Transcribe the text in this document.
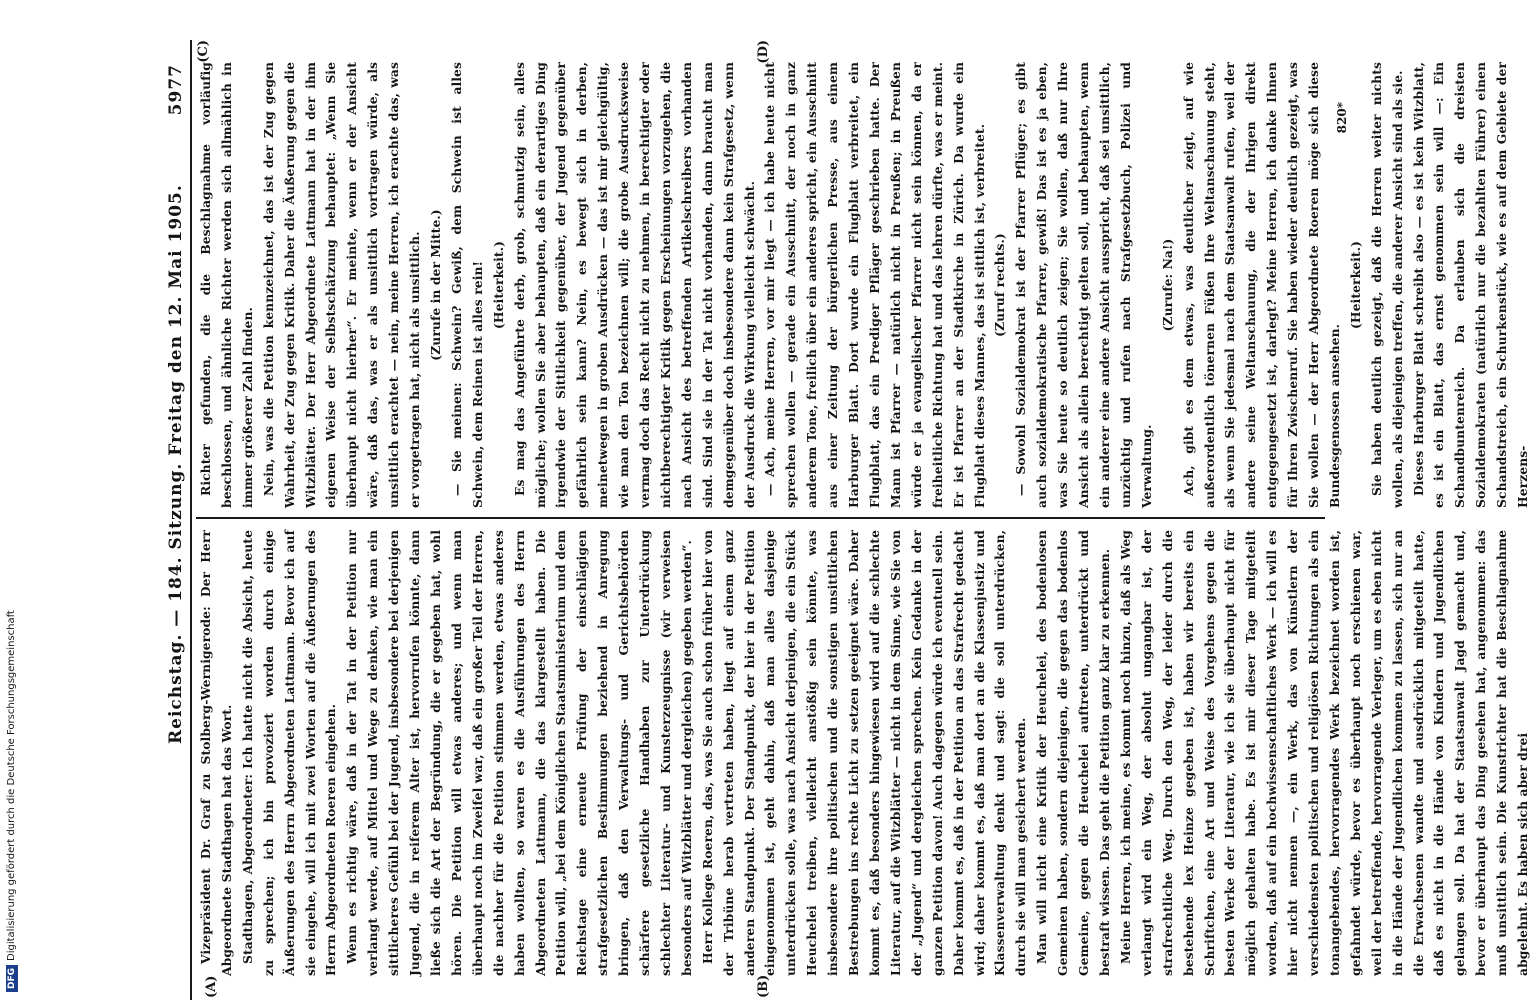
DFGDigitalisierung gefördert durch die Deutsche Forschungsgemeinschaft
Reichstag. — 184. Sitzung. Freitag den 12. Mai 1905.
5977
(A)	(B)
(C)	(D)

Vizepräsident Dr. Graf zu Stolberg-Wernigerode: Der Herr Abgeordnete Stadthagen hat das Wort. Stadthagen, Abgeordneter: Ich hatte nicht die Absicht, heute zu sprechen; ich bin provoziert worden durch einige Äußerungen des Herrn Abgeordneten Lattmann. Bevor ich auf sie eingehe, will ich mit zwei Worten auf die Äußerungen des Herrn Abgeordneten Roeren eingehen. Wenn es richtig wäre, daß in der Tat in der Petition nur verlangt werde, auf Mittel und Wege zu denken, wie man ein sittlicheres Gefühl bei der Jugend, insbesondere bei derjenigen Jugend, die in reiferem Alter ist, hervorrufen könnte, dann ließe sich die Art der Begründung, die er gegeben hat, wohl hören. Die Petition will etwas anderes; und wenn man überhaupt noch im Zweifel war, daß ein großer Teil der Herren, die nachher für die Petition stimmen werden, etwas anderes haben wollten, so waren es die Ausführungen des Herrn Abgeordneten Lattmann, die das klargestellt haben. Die Petition will, „bei dem Königlichen Staatsministerium und dem Reichstage eine erneute Prüfung der einschlägigen strafgesetzlichen Bestimmungen beziehend in Anregung bringen, daß den Verwaltungs- und Gerichtsbehörden schärfere gesetzliche Handhaben zur Unterdrückung schlechter Literatur- und Kunsterzeugnisse (wir verweisen besonders auf Witzblätter und dergleichen) gegeben werden“. Herr Kollege Roeren, das, was Sie auch schon früher hier von der Tribüne herab vertreten haben, liegt auf einem ganz anderen Standpunkt. Der Standpunkt, der hier in der Petition eingenommen ist, geht dahin, daß man alles dasjenige unterdrücken solle, was nach Ansicht derjenigen, die ein Stück Heuchelei treiben, vielleicht anstößig sein könnte, was insbesondere ihre politischen und die sonstigen unsittlichen Bestrebungen ins rechte Licht zu setzen geeignet wäre. Daher kommt es, daß besonders hingewiesen wird auf die schlechte Literatur, auf die Witzblätter — nicht in dem Sinne, wie Sie von der „Jugend“ und dergleichen sprechen. Kein Gedanke in der ganzen Petition davon! Auch dagegen würde ich eventuell sein. Daher kommt es, daß in der Petition an das Strafrecht gedacht wird; daher kommt es, daß man dort an die Klassenjustiz und Klassenverwaltung denkt und sagt: die soll unterdrücken, durch sie will man gesichert werden. Man will nicht eine Kritik der Heuchelei, des bodenlosen Gemeinen haben, sondern diejenigen, die gegen das bodenlos Gemeine, gegen die Heuchelei auftreten, unterdrückt und bestraft wissen. Das geht die Petition ganz klar zu erkennen. Meine Herren, ich meine, es kommt noch hinzu, daß als Weg verlangt wird ein Weg, der absolut ungangbar ist, der strafrechtliche Weg. Durch den Weg, der leider durch die bestehende lex Heinze gegeben ist, haben wir bereits ein Schriftchen, eine Art und Weise des Vorgehens gegen die besten Werke der Literatur, wie ich sie überhaupt nicht für möglich gehalten habe. Es ist mir dieser Tage mitgeteilt worden, daß auf ein hochwissenschaftliches Werk — ich will es hier nicht nennen —, ein Werk, das von Künstlern der verschiedensten politischen und religiösen Richtungen als ein tonangebendes, hervorragendes Werk bezeichnet worden ist, gefahndet würde, bevor es überhaupt noch erschienen war, weil der betreffende, hervorragende Verleger, um es eben nicht in die Hände der Jugendlichen kommen zu lassen, sich nur an die Erwachsenen wandte und ausdrücklich mitgeteilt hatte, daß es nicht in die Hände von Kindern und Jugendlichen gelangen soll. Da hat der Staatsanwalt Jagd gemacht und, bevor er überhaupt das Ding gesehen hat, angenommen: das muß unsittlich sein. Die Kunstrichter hat die Beschlagnahme abgelehnt. Es haben sich aber drei

Richter gefunden, die die Beschlagnahme vorläufig beschlossen, und ähnliche Richter werden sich allmählich in immer größerer Zahl finden. Nein, was die Petition kennzeichnet, das ist der Zug gegen Wahrheit, der Zug gegen Kritik. Daher die Äußerung gegen die Witzblätter. Der Herr Abgeordnete Lattmann hat in der ihm eigenen Weise der Selbstschätzung behauptet: „Wenn Sie überhaupt nicht hierher“. Er meinte, wenn er der Ansicht wäre, daß das, was er als unsittlich vortragen würde, als unsittlich erachtet — nein, meine Herren, ich erachte das, was er vorgetragen hat, nicht als unsittlich. (Zurufe in der Mitte.) — Sie meinen: Schwein? Gewiß, dem Schwein ist alles Schwein, dem Reinen ist alles rein! (Heiterkeit.) Es mag das Angeführte derb, grob, schmutzig sein, alles mögliche; wollen Sie aber behaupten, daß ein derartiges Ding irgendwie der Sittlichkeit gegenüber, der Jugend gegenüber gefährlich sein kann? Nein, es bewegt sich in derben, meinetwegen in groben Ausdrücken — das ist mir gleichgültig, wie man den Ton bezeichnen will; die grobe Ausdrucksweise vermag doch das Recht nicht zu nehmen, in berechtigter oder nichtberechtigter Kritik gegen Erscheinungen vorzugehen, die nach Ansicht des betreffenden Artikelschreibers vorhanden sind. Sind sie in der Tat nicht vorhanden, dann braucht man demgegenüber doch insbesondere dann kein Strafgesetz, wenn der Ausdruck die Wirkung vielleicht schwächt. — Ach, meine Herren, vor mir liegt — ich habe heute nicht sprechen wollen — gerade ein Ausschnitt, der noch in ganz anderem Tone, freilich über ein anderes spricht, ein Ausschnitt aus einer Zeitung der bürgerlichen Presse, aus einem Harburger Blatt. Dort wurde ein Flugblatt verbreitet, ein Flugblatt, das ein Prediger Pfläger geschrieben hatte. Der Mann ist Pfarrer — natürlich nicht in Preußen; in Preußen würde er ja evangelischer Pfarrer nicht sein können, da er freiheitliche Richtung hat und das lehren dürfte, was er meint. Er ist Pfarrer an der Stadtkirche in Zürich. Da wurde ein Flugblatt dieses Mannes, das ist sittlich ist, verbreitet. (Zuruf rechts.) — Sowohl Sozialdemokrat ist der Pfarrer Pflüger; es gibt auch sozialdemokratische Pfarrer, gewiß! Das ist es ja eben, was Sie heute so deutlich zeigen; Sie wollen, daß nur Ihre Ansicht als allein berechtigt gelten soll, und behaupten, wenn ein anderer eine andere Ansicht ausspricht, daß sei unsittlich, unzüchtig und rufen nach Strafgesetzbuch, Polizei und Verwaltung.

(Zurufe: Na!) Ach, gibt es dem etwas, was deutlicher zeigt, auf wie außerordentlich tönernen Füßen Ihre Weltanschauung steht, als wenn Sie jedesmal nach dem Staatsanwalt rufen, weil der andere seine Weltanschauung, die der Ihrigen direkt entgegengesetzt ist, darlegt? Meine Herren, ich danke Ihnen für Ihren Zwischenruf. Sie haben wieder deutlich gezeigt, was Sie wollen — der Herr Abgeordnete Roeren möge sich diese Bundesgenossen ansehen.

(Heiterkeit.) Sie haben deutlich gezeigt, daß die Herren weiter nichts wollen, als diejenigen treffen, die anderer Ansicht sind als sie. Dieses Harburger Blatt schreibt also — es ist kein Witzblatt, es ist ein Blatt, das ernst genommen sein will —: Ein Schandbuntenreich. Da erlauben sich die dreisten Sozialdemokraten (natürlich nur die bezahlten Führer) einen Schandstreich, ein Schurkenstück, wie es auf dem Gebiete der Herzens-

820*
